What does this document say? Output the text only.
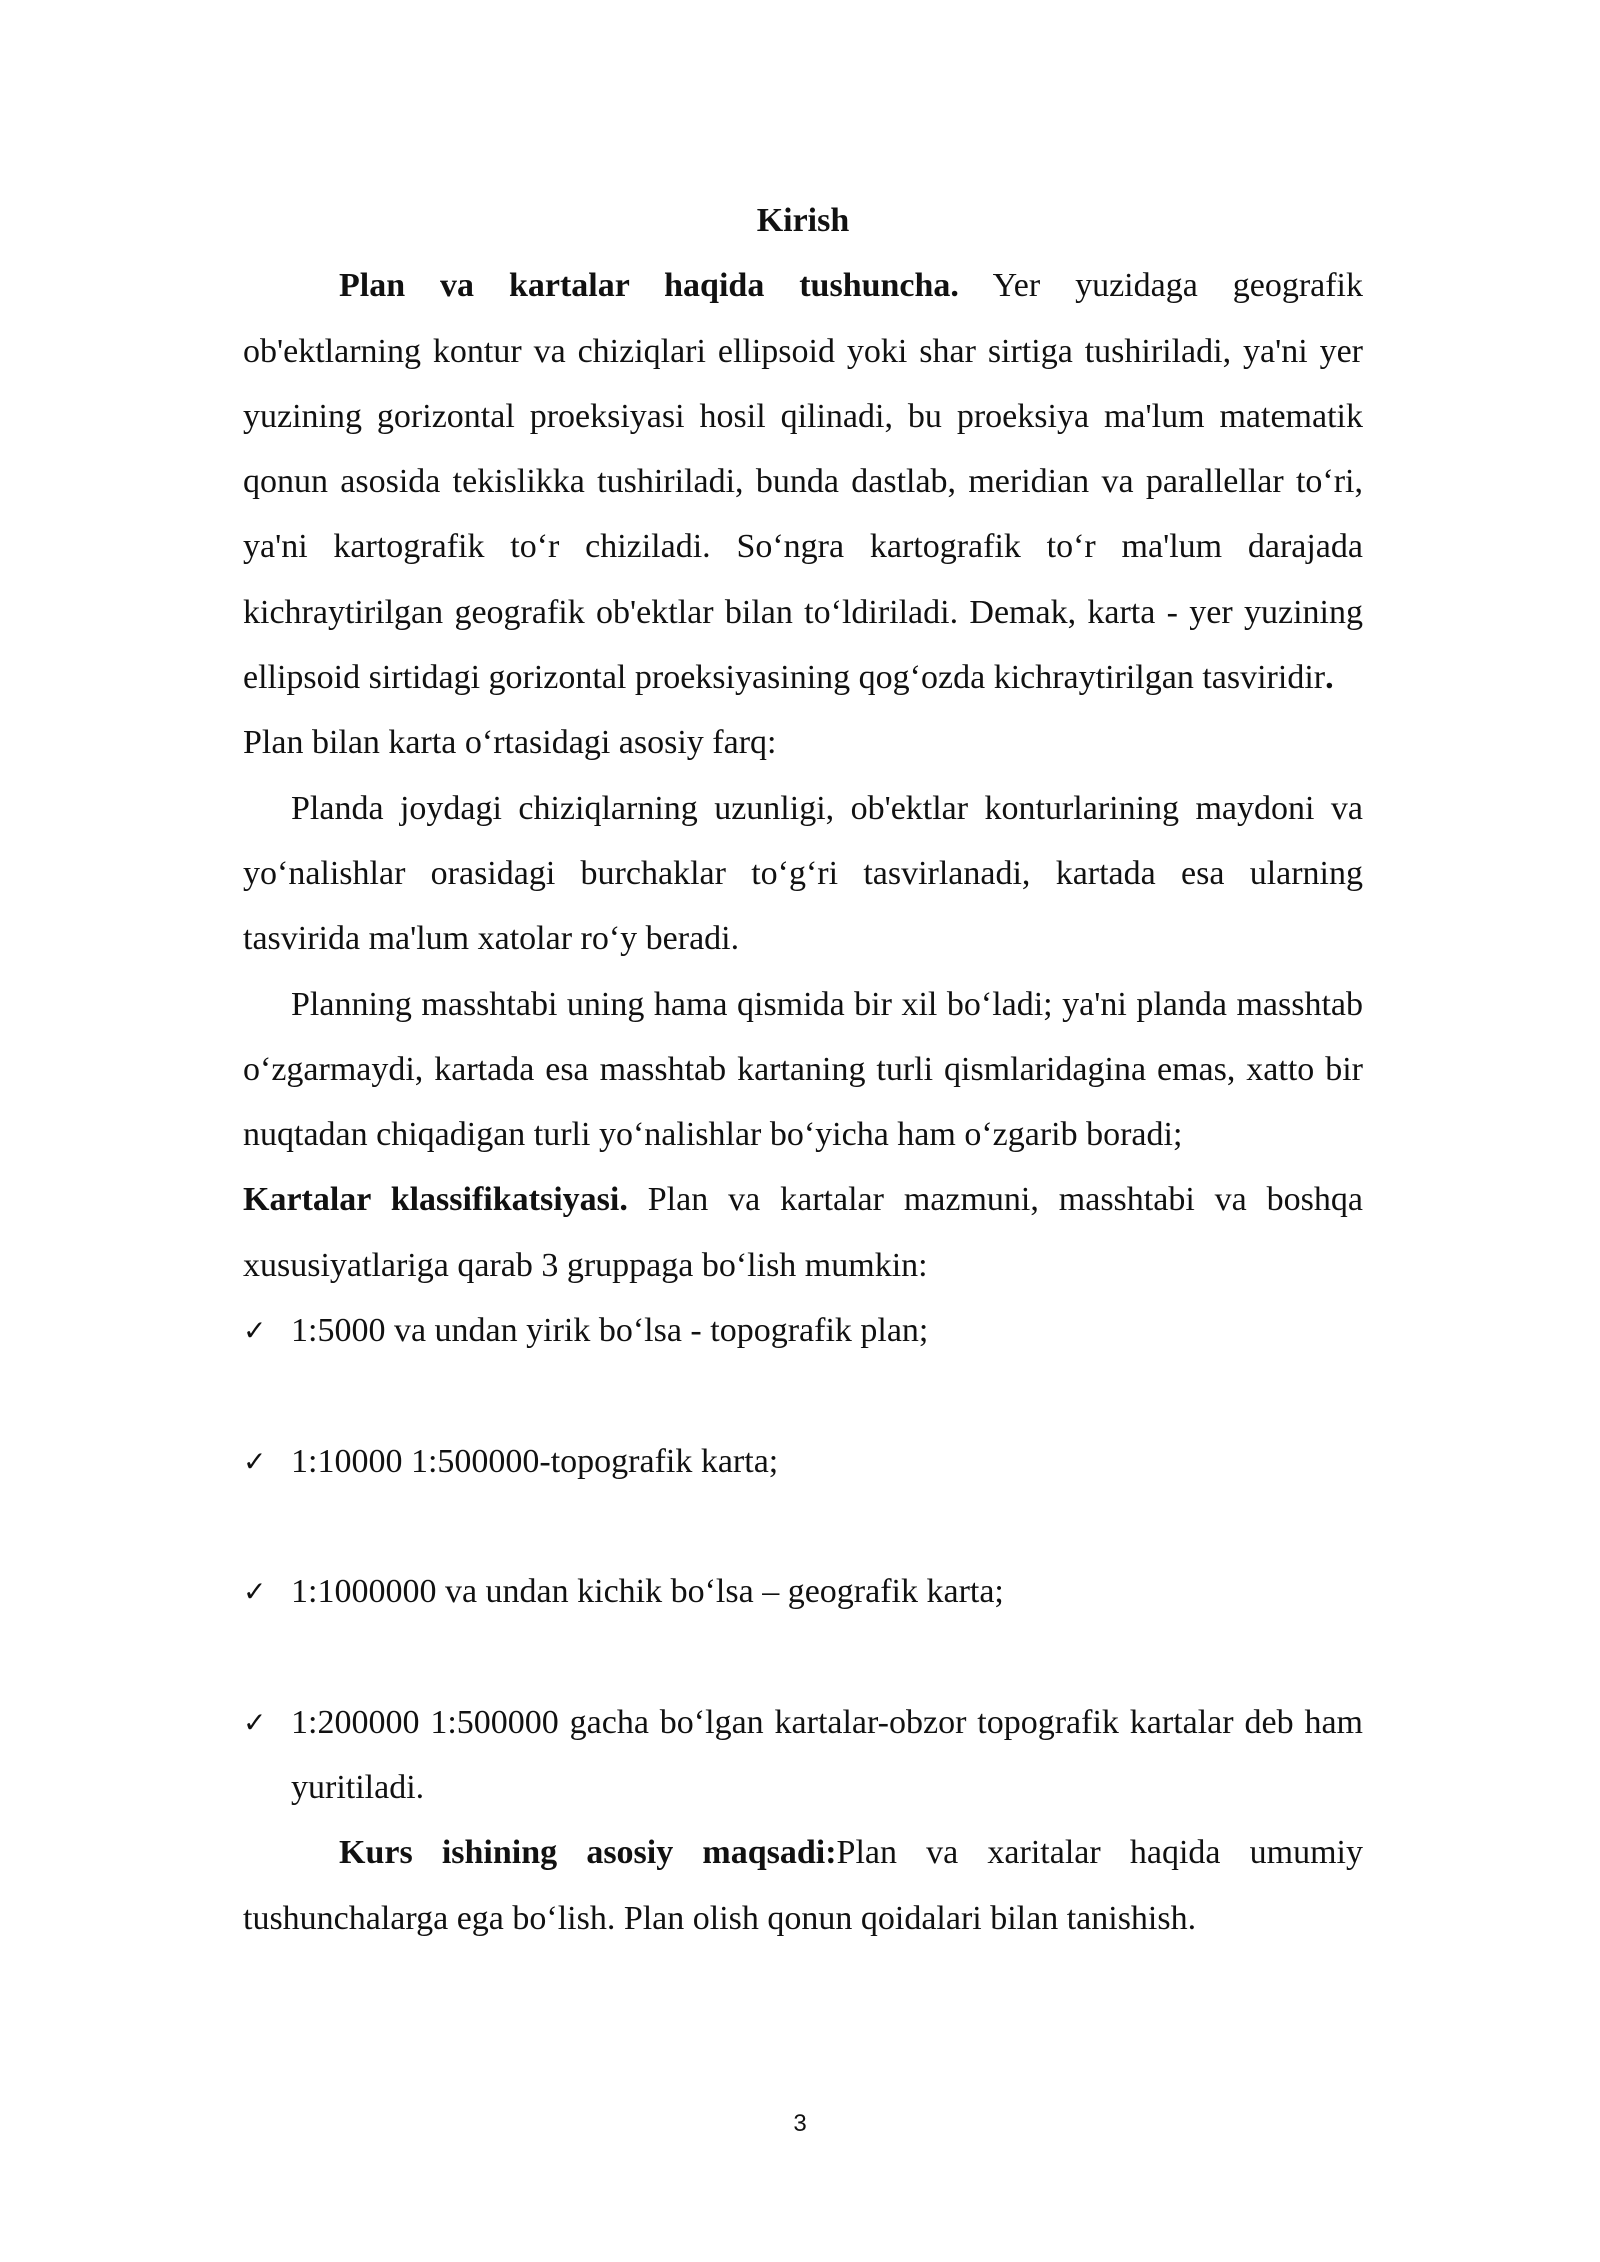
Kirish

Plan va kartalar haqida tushuncha. Yer yuzidaga geografik ob'ektlarning kontur va chiziqlari ellipsoid yoki shar sirtiga tushiriladi, ya'ni yer yuzining gorizontal proeksiyasi hosil qilinadi, bu proeksiya ma'lum matematik qonun asosida tekislikka tushiriladi, bunda dastlab, meridian va parallellar to‘ri, ya'ni kartografik to‘r chiziladi. So‘ngra kartografik to‘r ma'lum darajada kichraytirilgan geografik ob'ektlar bilan to‘ldiriladi. Demak, karta - yer yuzining ellipsoid sirtidagi gorizontal proeksiyasining qog‘ozda kichraytirilgan tasviridir.

Plan bilan karta o‘rtasidagi asosiy farq:

Planda joydagi chiziqlarning uzunligi, ob'ektlar konturlarining maydoni va yo‘nalishlar orasidagi burchaklar to‘g‘ri tasvirlanadi, kartada esa ularning tasvirida ma'lum xatolar ro‘y beradi.

Planning masshtabi uning hama qismida bir xil bo‘ladi; ya'ni planda masshtab o‘zgarmaydi, kartada esa masshtab kartaning turli qismlaridagina emas, xatto bir nuqtadan chiqadigan turli yo‘nalishlar bo‘yicha ham o‘zgarib boradi;

Kartalar klassifikatsiyasi. Plan va kartalar mazmuni, masshtabi va boshqa xususiyatlariga qarab 3 gruppaga bo‘lish mumkin:

✓ 1:5000 va undan yirik bo‘lsa - topografik plan;
✓ 1:10000 1:500000-topografik karta;
✓ 1:1000000 va undan kichik bo‘lsa – geografik karta;
✓ 1:200000 1:500000 gacha bo‘lgan kartalar-obzor topografik kartalar deb ham yuritiladi.

Kurs ishining asosiy maqsadi:Plan va xaritalar haqida umumiy tushunchalarga ega bo‘lish. Plan olish qonun qoidalari bilan tanishish.

3
